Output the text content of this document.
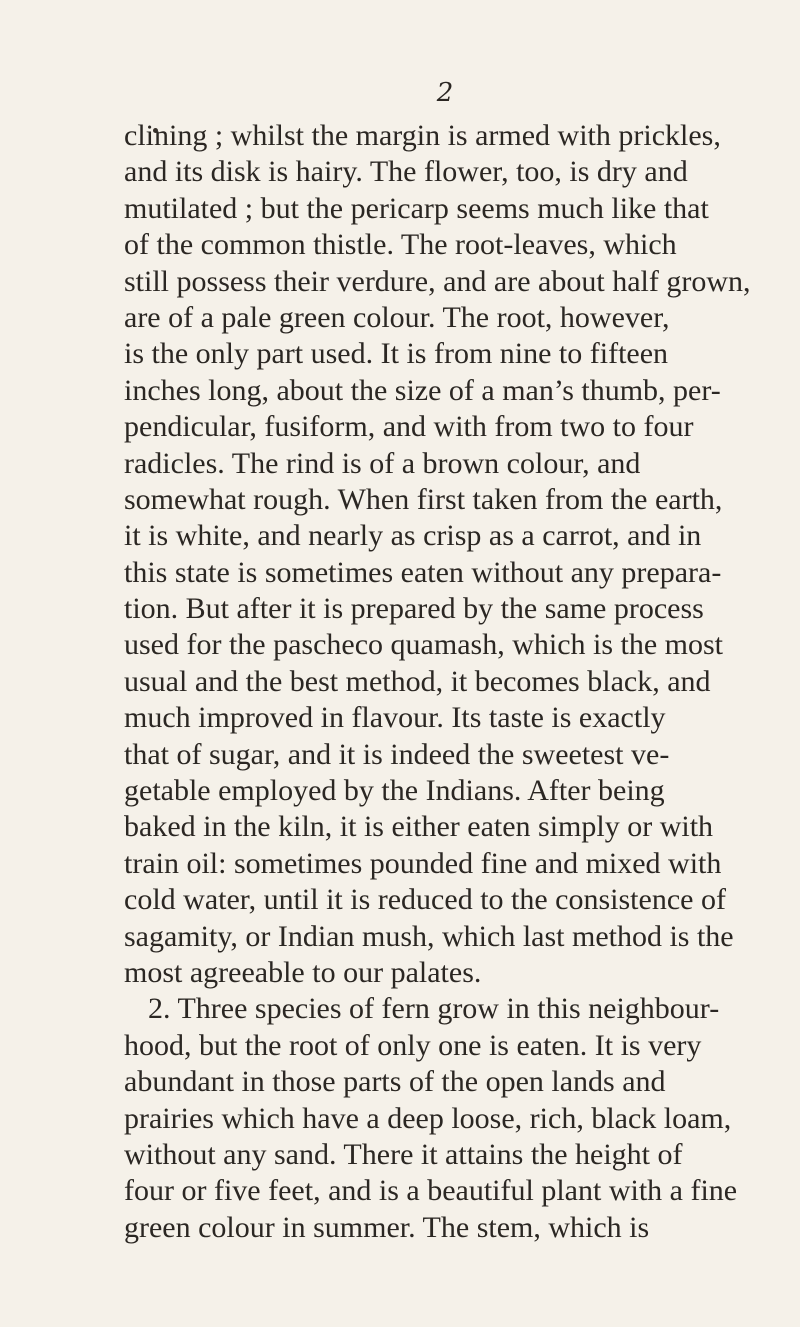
2
clining ; whilst the margin is armed with prickles,
and its disk is hairy. The flower, too, is dry and
mutilated ; but the pericarp seems much like that
of the common thistle. The root-leaves, which
still possess their verdure, and are about half grown,
are of a pale green colour. The root, however,
is the only part used. It is from nine to fifteen
inches long, about the size of a man’s thumb, per-
pendicular, fusiform, and with from two to four
radicles. The rind is of a brown colour, and
somewhat rough. When first taken from the earth,
it is white, and nearly as crisp as a carrot, and in
this state is sometimes eaten without any prepara-
tion. But after it is prepared by the same process
used for the pascheco quamash, which is the most
usual and the best method, it becomes black, and
much improved in flavour. Its taste is exactly
that of sugar, and it is indeed the sweetest ve-
getable employed by the Indians. After being
baked in the kiln, it is either eaten simply or with
train oil: sometimes pounded fine and mixed with
cold water, until it is reduced to the consistence of
sagamity, or Indian mush, which last method is the
most agreeable to our palates.
2. Three species of fern grow in this neighbour-
hood, but the root of only one is eaten. It is very
abundant in those parts of the open lands and
prairies which have a deep loose, rich, black loam,
without any sand. There it attains the height of
four or five feet, and is a beautiful plant with a fine
green colour in summer. The stem, which is
